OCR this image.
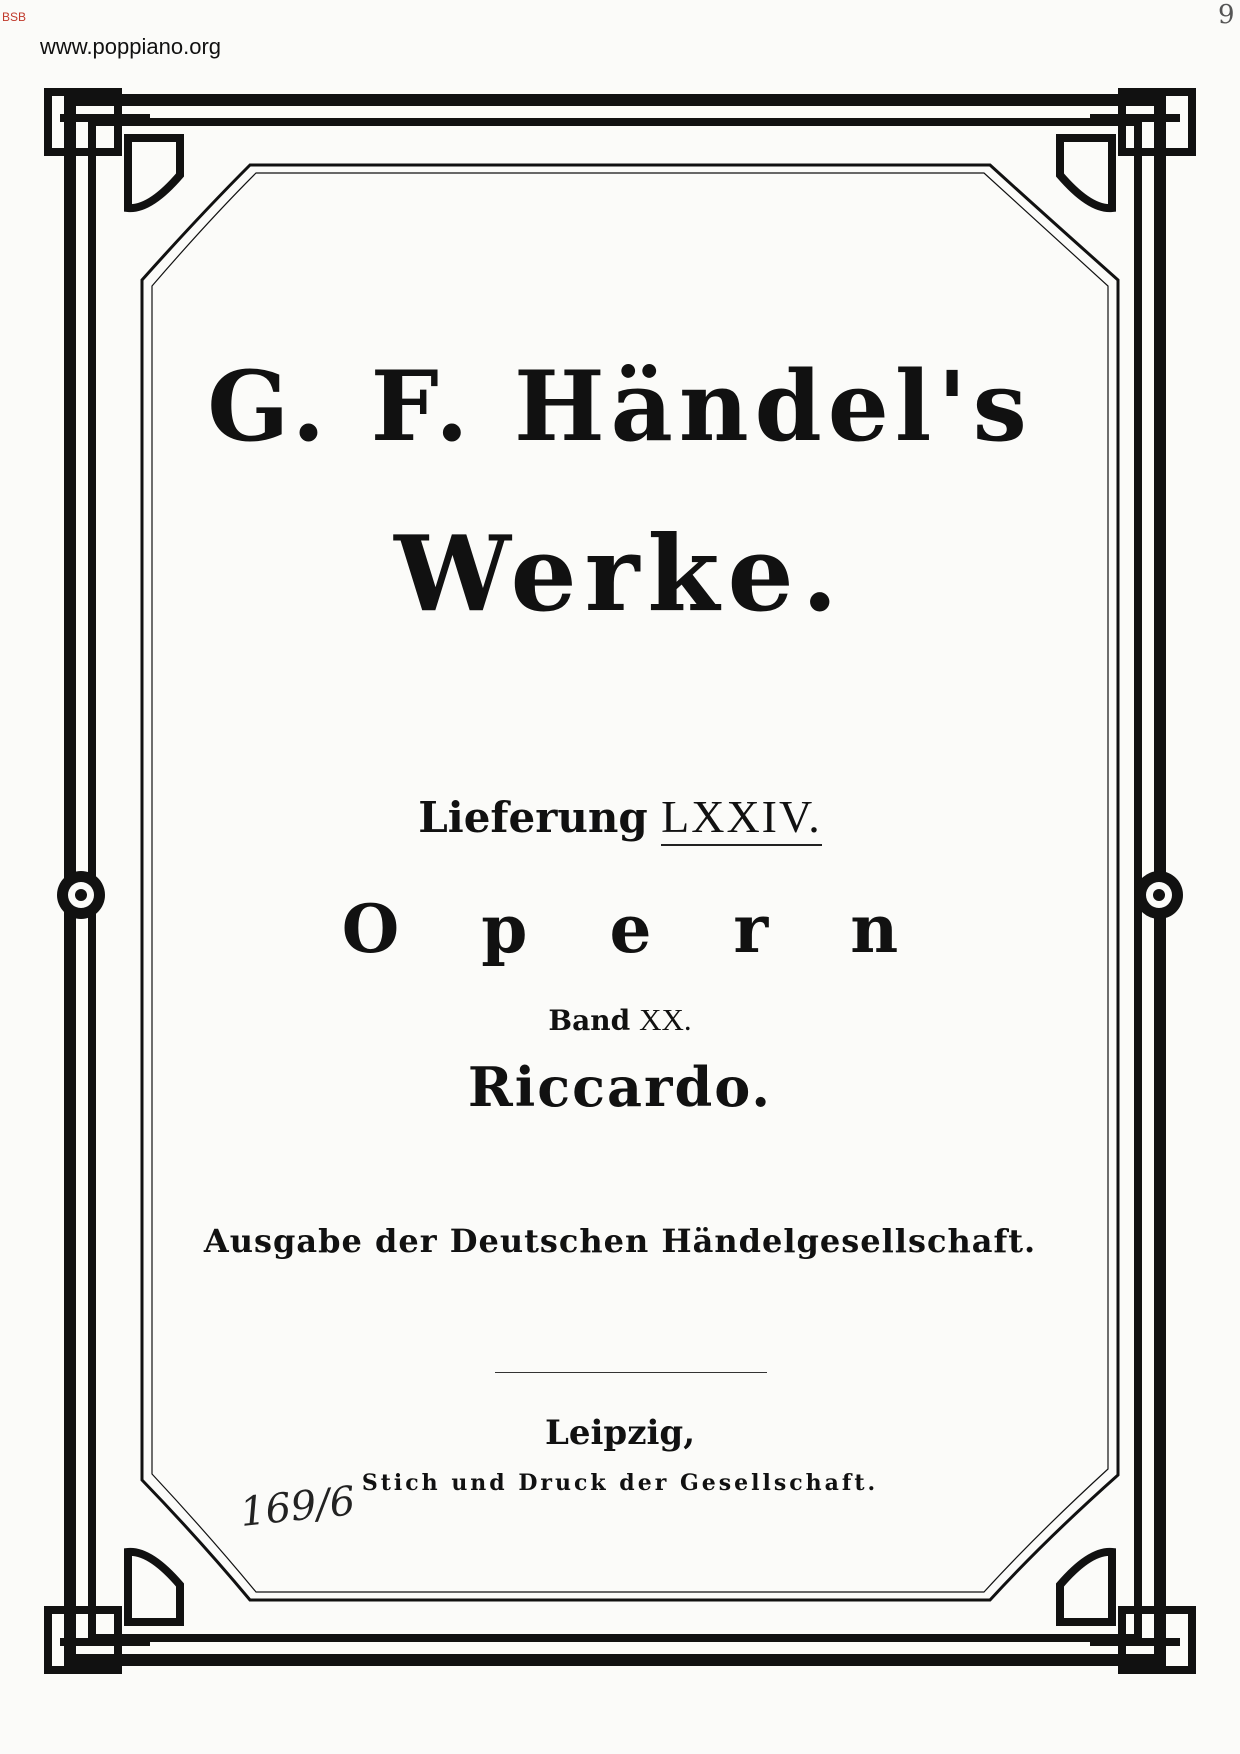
BSB
www.poppiano.org
9
G. F. Händel's
Werke.
Lieferung LXXIV.
Opern
Band XX.
Riccardo.
Ausgabe der Deutschen Händelgesellschaft.
Leipzig,
Stich und Druck der Gesellschaft.
169/6
